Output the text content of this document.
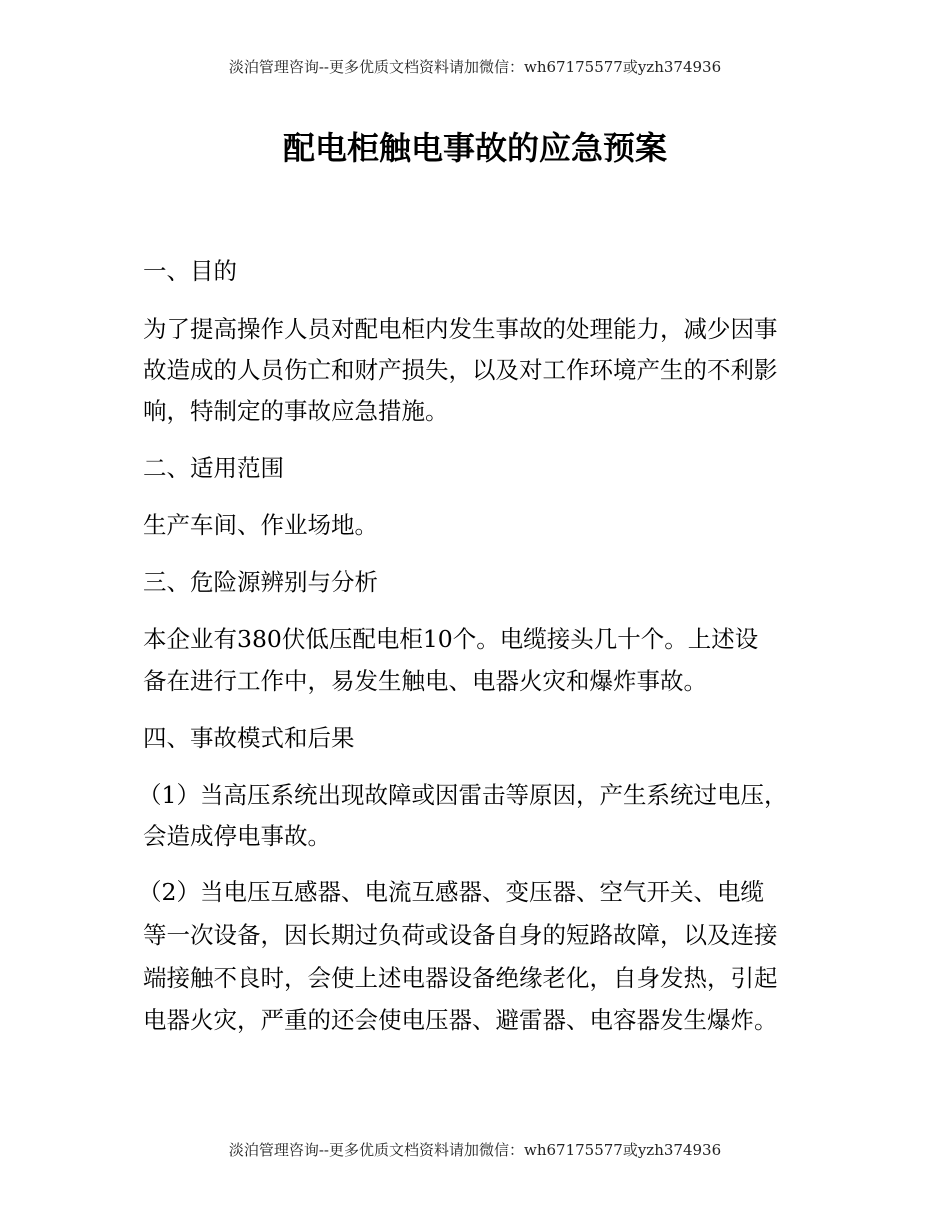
淡泊管理咨询--更多优质文档资料请加微信：wh67175577或yzh374936
配电柜触电事故的应急预案
一、目的
为了提高操作人员对配电柜内发生事故的处理能力，减少因事
故造成的人员伤亡和财产损失，以及对工作环境产生的不利影
响，特制定的事故应急措施。
二、适用范围
生产车间、作业场地。
三、危险源辨别与分析
本企业有380伏低压配电柜10个。电缆接头几十个。上述设
备在进行工作中，易发生触电、电器火灾和爆炸事故。
四、事故模式和后果
（1）当高压系统出现故障或因雷击等原因，产生系统过电压，
会造成停电事故。
（2）当电压互感器、电流互感器、变压器、空气开关、电缆
等一次设备，因长期过负荷或设备自身的短路故障，以及连接
端接触不良时，会使上述电器设备绝缘老化，自身发热，引起
电器火灾，严重的还会使电压器、避雷器、电容器发生爆炸。
淡泊管理咨询--更多优质文档资料请加微信：wh67175577或yzh374936
